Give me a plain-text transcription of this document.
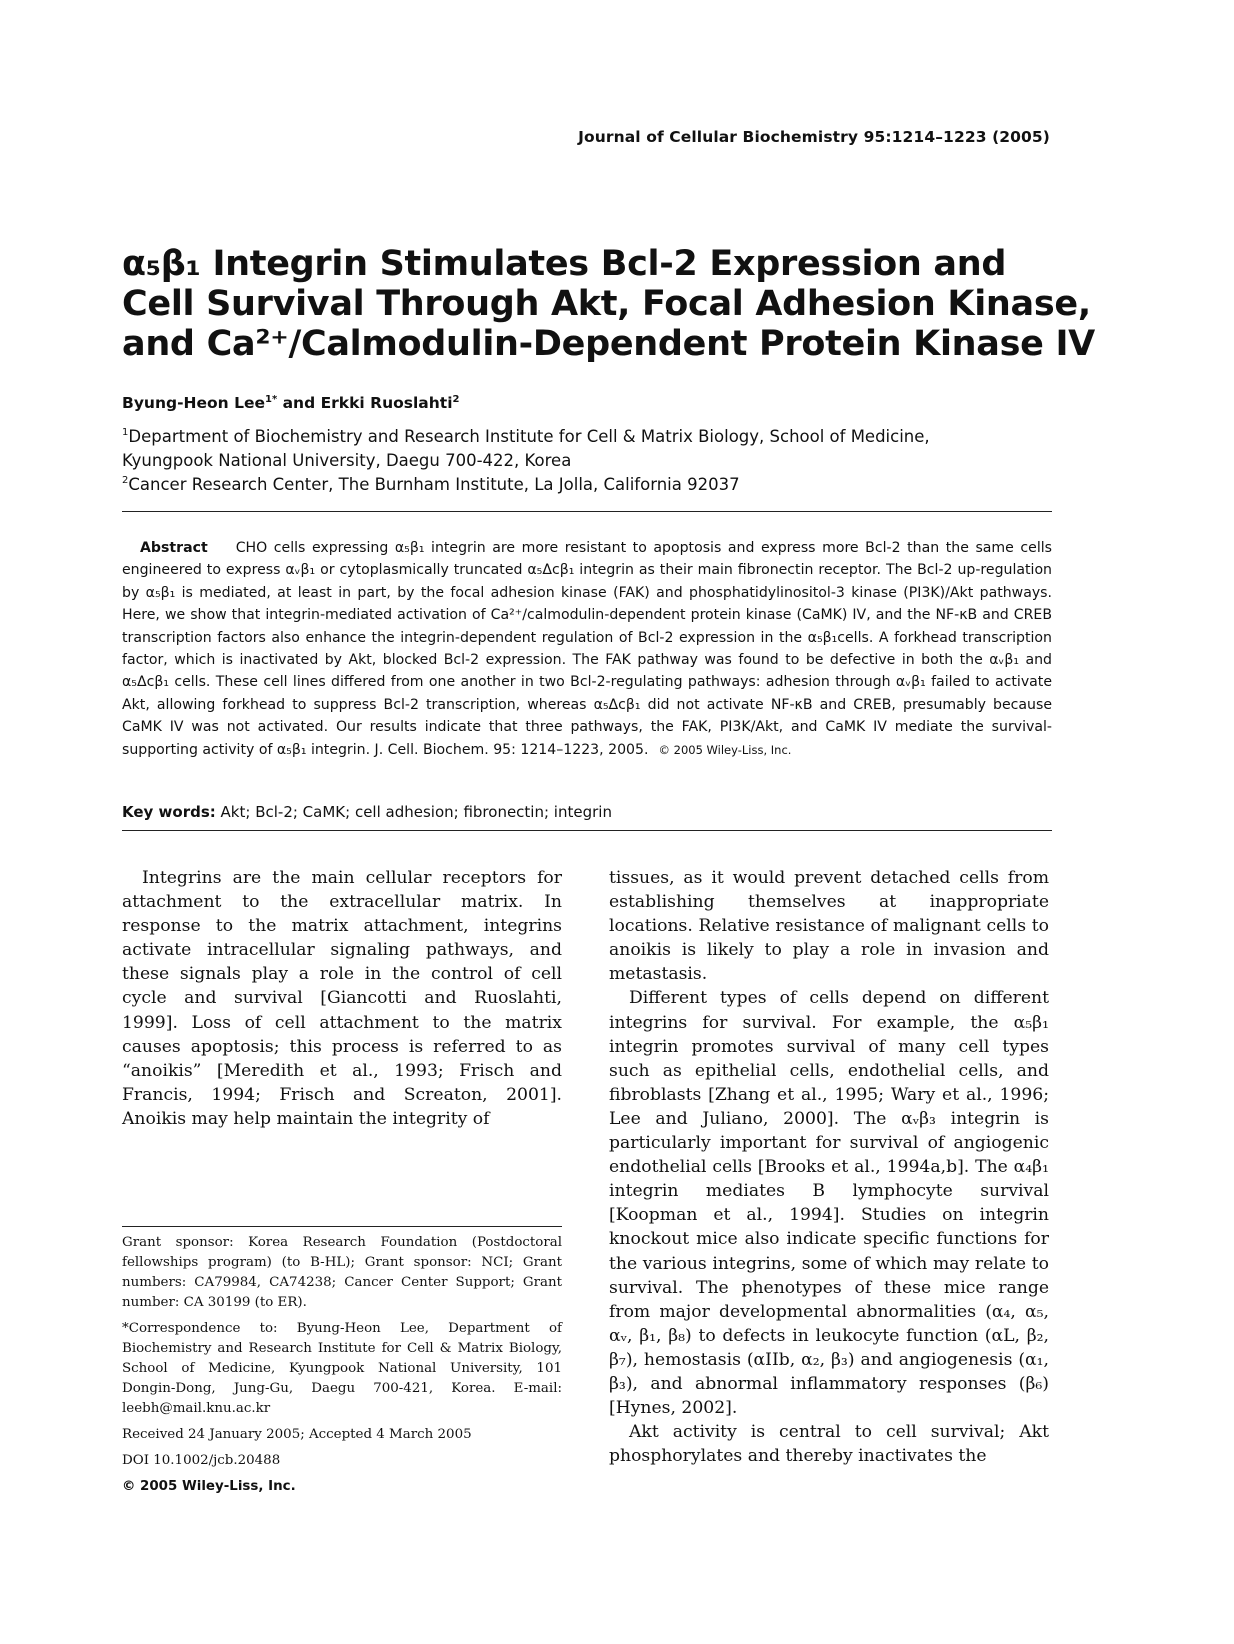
Journal of Cellular Biochemistry 95:1214–1223 (2005)
α₅β₁ Integrin Stimulates Bcl-2 Expression and
Cell Survival Through Akt, Focal Adhesion Kinase,
and Ca²⁺/Calmodulin-Dependent Protein Kinase IV
Byung-Heon Lee$^{1*}$ and Erkki Ruoslahti$^2$

$^1$Department of Biochemistry and Research Institute for Cell & Matrix Biology, School of Medicine,

Kyungpook National University, Daegu 700-422, Korea

$^2$Cancer Research Center, The Burnham Institute, La Jolla, California 92037

Abstract CHO cells expressing α₅β₁ integrin are more resistant to apoptosis and express more Bcl-2 than the same cells engineered to express αᵥβ₁ or cytoplasmically truncated α₅Δcβ₁ integrin as their main fibronectin receptor. The Bcl-2 up-regulation by α₅β₁ is mediated, at least in part, by the focal adhesion kinase (FAK) and phosphatidylinositol-3 kinase (PI3K)/Akt pathways. Here, we show that integrin-mediated activation of Ca²⁺/calmodulin-dependent protein kinase (CaMK) IV, and the NF-κB and CREB transcription factors also enhance the integrin-dependent regulation of Bcl-2 expression in the α₅β₁cells. A forkhead transcription factor, which is inactivated by Akt, blocked Bcl-2 expression. The FAK pathway was found to be defective in both the αᵥβ₁ and α₅Δcβ₁ cells. These cell lines differed from one another in two Bcl-2-regulating pathways: adhesion through αᵥβ₁ failed to activate Akt, allowing forkhead to suppress Bcl-2 transcription, whereas α₅Δcβ₁ did not activate NF-κB and CREB, presumably because CaMK IV was not activated. Our results indicate that three pathways, the FAK, PI3K/Akt, and CaMK IV mediate the survival-supporting activity of α₅β₁ integrin. J. Cell. Biochem. 95: 1214–1223, 2005. © 2005 Wiley-Liss, Inc.

Key words: Akt; Bcl-2; CaMK; cell adhesion; fibronectin; integrin

Integrins are the main cellular receptors for attachment to the extracellular matrix. In response to the matrix attachment, integrins activate intracellular signaling pathways, and these signals play a role in the control of cell cycle and survival [Giancotti and Ruoslahti, 1999]. Loss of cell attachment to the matrix causes apoptosis; this process is referred to as “anoikis” [Meredith et al., 1993; Frisch and Francis, 1994; Frisch and Screaton, 2001]. Anoikis may help maintain the integrity of

tissues, as it would prevent detached cells from establishing themselves at inappropriate locations. Relative resistance of malignant cells to anoikis is likely to play a role in invasion and metastasis.

Different types of cells depend on different integrins for survival. For example, the α₅β₁ integrin promotes survival of many cell types such as epithelial cells, endothelial cells, and fibroblasts [Zhang et al., 1995; Wary et al., 1996; Lee and Juliano, 2000]. The αᵥβ₃ integrin is particularly important for survival of angiogenic endothelial cells [Brooks et al., 1994a,b]. The α₄β₁ integrin mediates B lymphocyte survival [Koopman et al., 1994]. Studies on integrin knockout mice also indicate specific functions for the various integrins, some of which may relate to survival. The phenotypes of these mice range from major developmental abnormalities (α₄, α₅, αᵥ, β₁, β₈) to defects in leukocyte function (αL, β₂, β₇), hemostasis (αIIb, α₂, β₃) and angiogenesis (α₁, β₃), and abnormal inflammatory responses (β₆) [Hynes, 2002].

Akt activity is central to cell survival; Akt phosphorylates and thereby inactivates the

Grant sponsor: Korea Research Foundation (Postdoctoral fellowships program) (to B-HL); Grant sponsor: NCI; Grant numbers: CA79984, CA74238; Cancer Center Support; Grant number: CA 30199 (to ER).

*Correspondence to: Byung-Heon Lee, Department of Biochemistry and Research Institute for Cell & Matrix Biology, School of Medicine, Kyungpook National University, 101 Dongin-Dong, Jung-Gu, Daegu 700-421, Korea. E-mail: leebh@mail.knu.ac.kr

Received 24 January 2005; Accepted 4 March 2005

DOI 10.1002/jcb.20488

© 2005 Wiley-Liss, Inc.
